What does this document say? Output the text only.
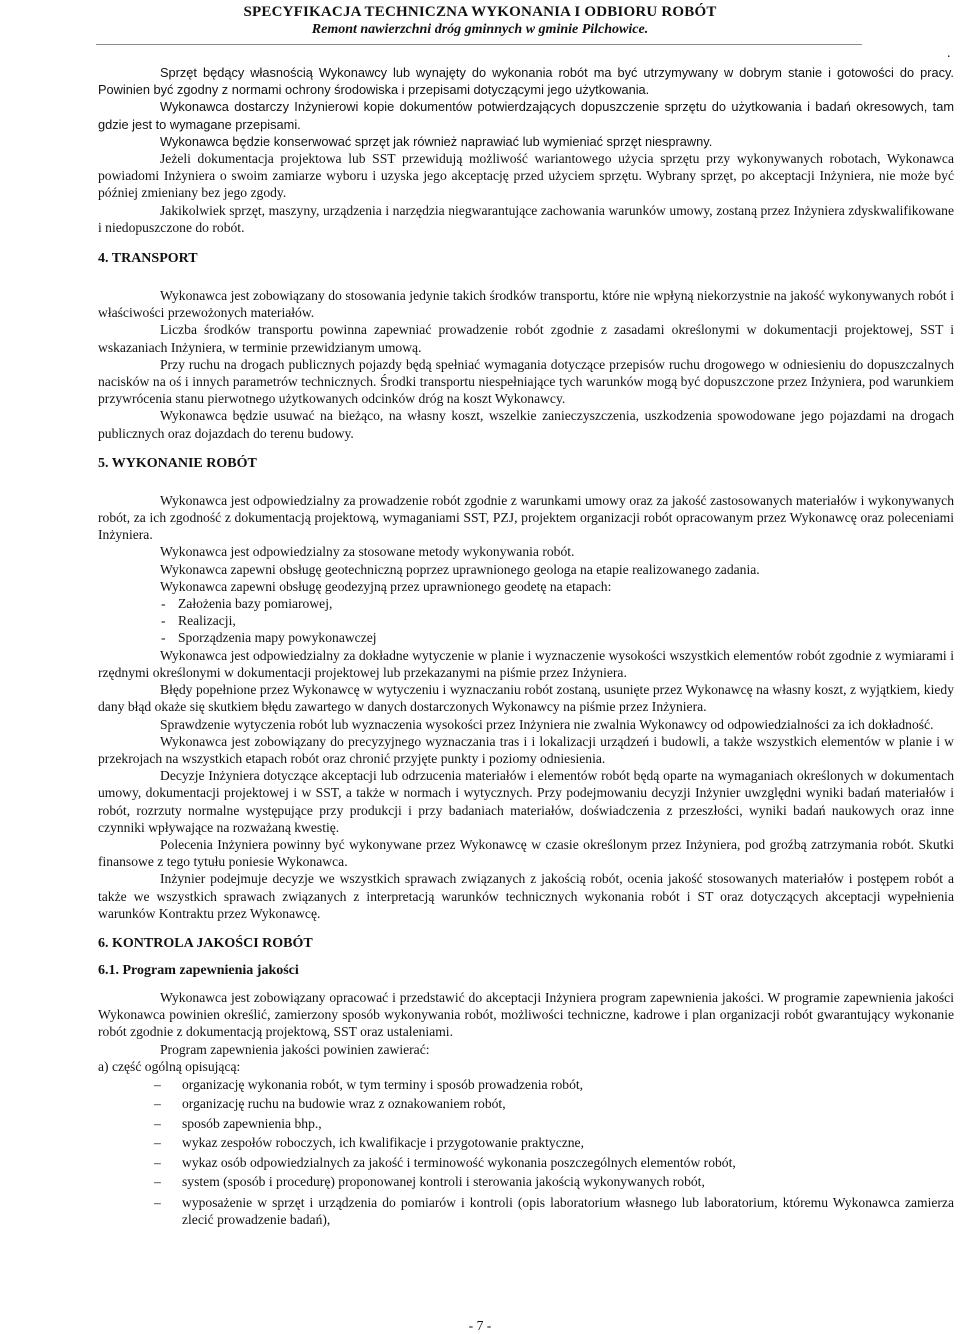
SPECYFIKACJA TECHNICZNA WYKONANIA I ODBIORU ROBÓT
Remont nawierzchni dróg gminnych w gminie Pilchowice.
.

Sprzęt będący własnością Wykonawcy lub wynajęty do wykonania robót ma być utrzymywany w dobrym stanie i gotowości do pracy. Powinien być zgodny z normami ochrony środowiska i przepisami dotyczącymi jego użytkowania.

Wykonawca dostarczy Inżynierowi kopie dokumentów potwierdzających dopuszczenie sprzętu do użytkowania i badań okresowych, tam gdzie jest to wymagane przepisami.

Wykonawca będzie konserwować sprzęt jak również naprawiać lub wymieniać sprzęt niesprawny.

Jeżeli dokumentacja projektowa lub SST przewidują możliwość wariantowego użycia sprzętu przy wykonywanych robotach, Wykonawca powiadomi Inżyniera o swoim zamiarze wyboru i uzyska jego akceptację przed użyciem sprzętu. Wybrany sprzęt, po akceptacji Inżyniera, nie może być później zmieniany bez jego zgody.

Jakikolwiek sprzęt, maszyny, urządzenia i narzędzia niegwarantujące zachowania warunków umowy, zostaną przez Inżyniera zdyskwalifikowane i niedopuszczone do robót.

4. TRANSPORT

Wykonawca jest zobowiązany do stosowania jedynie takich środków transportu, które nie wpłyną niekorzystnie na jakość wykonywanych robót i właściwości przewożonych materiałów.

Liczba środków transportu powinna zapewniać prowadzenie robót zgodnie z zasadami określonymi w dokumentacji projektowej, SST i wskazaniach Inżyniera, w terminie przewidzianym umową.

Przy ruchu na drogach publicznych pojazdy będą spełniać wymagania dotyczące przepisów ruchu drogowego w odniesieniu do dopuszczalnych nacisków na oś i innych parametrów technicznych. Środki transportu niespełniające tych warunków mogą być dopuszczone przez Inżyniera, pod warunkiem przywrócenia stanu pierwotnego użytkowanych odcinków dróg na koszt Wykonawcy.

Wykonawca będzie usuwać na bieżąco, na własny koszt, wszelkie zanieczyszczenia, uszkodzenia spowodowane jego pojazdami na drogach publicznych oraz dojazdach do terenu budowy.

5. WYKONANIE ROBÓT

Wykonawca jest odpowiedzialny za prowadzenie robót zgodnie z warunkami umowy oraz za jakość zastosowanych materiałów i wykonywanych robót, za ich zgodność z dokumentacją projektową, wymaganiami SST, PZJ, projektem organizacji robót opracowanym przez Wykonawcę oraz poleceniami Inżyniera.

Wykonawca jest odpowiedzialny za stosowane metody wykonywania robót.

Wykonawca zapewni obsługę geotechniczną poprzez uprawnionego geologa na etapie realizowanego zadania.

Wykonawca zapewni obsługę geodezyjną przez uprawnionego geodetę na etapach:

- Założenia bazy pomiarowej,
- Realizacji,
- Sporządzenia mapy powykonawczej

Wykonawca jest odpowiedzialny za dokładne wytyczenie w planie i wyznaczenie wysokości wszystkich elementów robót zgodnie z wymiarami i rzędnymi określonymi w dokumentacji projektowej lub przekazanymi na piśmie przez Inżyniera.

Błędy popełnione przez Wykonawcę w wytyczeniu i wyznaczaniu robót zostaną, usunięte przez Wykonawcę na własny koszt, z wyjątkiem, kiedy dany błąd okaże się skutkiem błędu zawartego w danych dostarczonych Wykonawcy na piśmie przez Inżyniera.

Sprawdzenie wytyczenia robót lub wyznaczenia wysokości przez Inżyniera nie zwalnia Wykonawcy od odpowiedzialności za ich dokładność.

Wykonawca jest zobowiązany do precyzyjnego wyznaczania tras i i lokalizacji urządzeń i budowli, a także wszystkich elementów w planie i w przekrojach na wszystkich etapach robót oraz chronić przyjęte punkty i poziomy odniesienia.

Decyzje Inżyniera dotyczące akceptacji lub odrzucenia materiałów i elementów robót będą oparte na wymaganiach określonych w dokumentach umowy, dokumentacji projektowej i w SST, a także w normach i wytycznych. Przy podejmowaniu decyzji Inżynier uwzględni wyniki badań materiałów i robót, rozrzuty normalne występujące przy produkcji i przy badaniach materiałów, doświadczenia z przeszłości, wyniki badań naukowych oraz inne czynniki wpływające na rozważaną kwestię.

Polecenia Inżyniera powinny być wykonywane przez Wykonawcę w czasie określonym przez Inżyniera, pod groźbą zatrzymania robót. Skutki finansowe z tego tytułu poniesie Wykonawca.

Inżynier podejmuje decyzje we wszystkich sprawach związanych z jakością robót, ocenia jakość stosowanych materiałów i postępem robót a także we wszystkich sprawach związanych z interpretacją warunków technicznych wykonania robót i ST oraz dotyczących akceptacji wypełnienia warunków Kontraktu przez Wykonawcę.

6. KONTROLA JAKOŚCI ROBÓT
6.1. Program zapewnienia jakości

Wykonawca jest zobowiązany opracować i przedstawić do akceptacji Inżyniera program zapewnienia jakości. W programie zapewnienia jakości Wykonawca powinien określić, zamierzony sposób wykonywania robót, możliwości techniczne, kadrowe i plan organizacji robót gwarantujący wykonanie robót zgodnie z dokumentacją projektową, SST oraz ustaleniami.

Program zapewnienia jakości powinien zawierać:

a) część ogólną opisującą:

– organizację wykonania robót, w tym terminy i sposób prowadzenia robót,
– organizację ruchu na budowie wraz z oznakowaniem robót,
– sposób zapewnienia bhp.,
– wykaz zespołów roboczych, ich kwalifikacje i przygotowanie praktyczne,
– wykaz osób odpowiedzialnych za jakość i terminowość wykonania poszczególnych elementów robót,
– system (sposób i procedurę) proponowanej kontroli i sterowania jakością wykonywanych robót,
– wyposażenie w sprzęt i urządzenia do pomiarów i kontroli (opis laboratorium własnego lub laboratorium, któremu Wykonawca zamierza zlecić prowadzenie badań),
- 7 -
